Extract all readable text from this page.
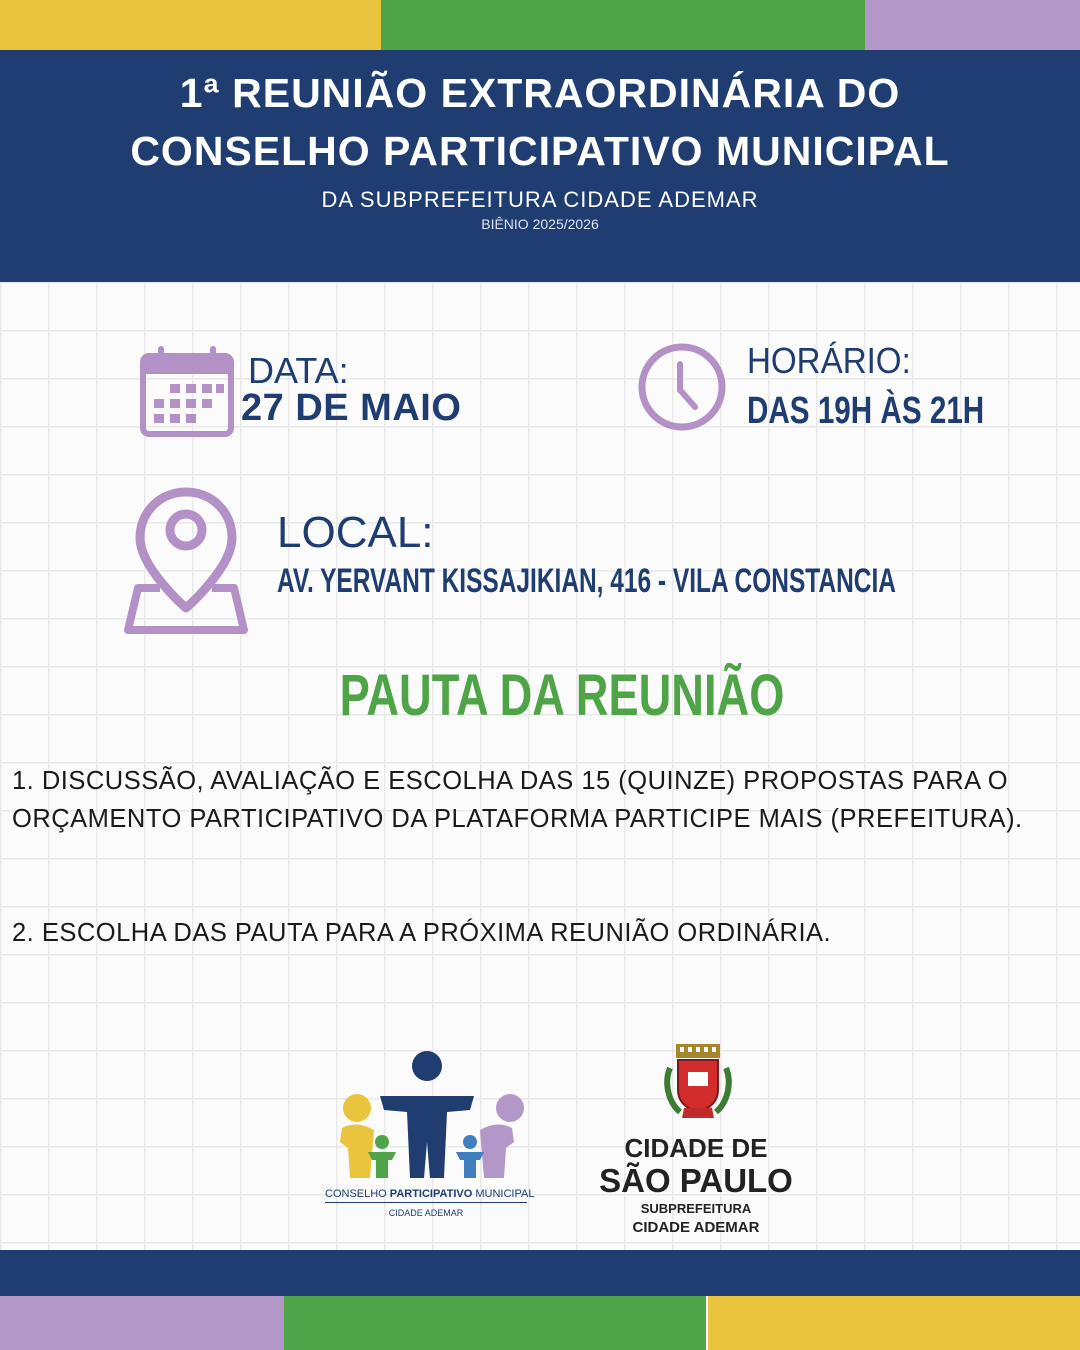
1ª REUNIÃO EXTRAORDINÁRIA DO
CONSELHO PARTICIPATIVO MUNICIPAL
DA SUBPREFEITURA CIDADE ADEMAR
BIÊNIO 2025/2026
DATA:
27 DE MAIO
HORÁRIO:
DAS 19H ÀS 21H
LOCAL:
AV. YERVANT KISSAJIKIAN, 416 - VILA CONSTANCIA
PAUTA DA REUNIÃO
1. DISCUSSÃO, AVALIAÇÃO E ESCOLHA DAS 15 (QUINZE) PROPOSTAS PARA O ORÇAMENTO PARTICIPATIVO DA PLATAFORMA PARTICIPE MAIS (PREFEITURA).
2. ESCOLHA DAS PAUTA PARA A PRÓXIMA REUNIÃO ORDINÁRIA.
CONSELHO PARTICIPATIVO MUNICIPAL
CIDADE ADEMAR
CIDADE DE
SÃO PAULO
SUBPREFEITURA
CIDADE ADEMAR
